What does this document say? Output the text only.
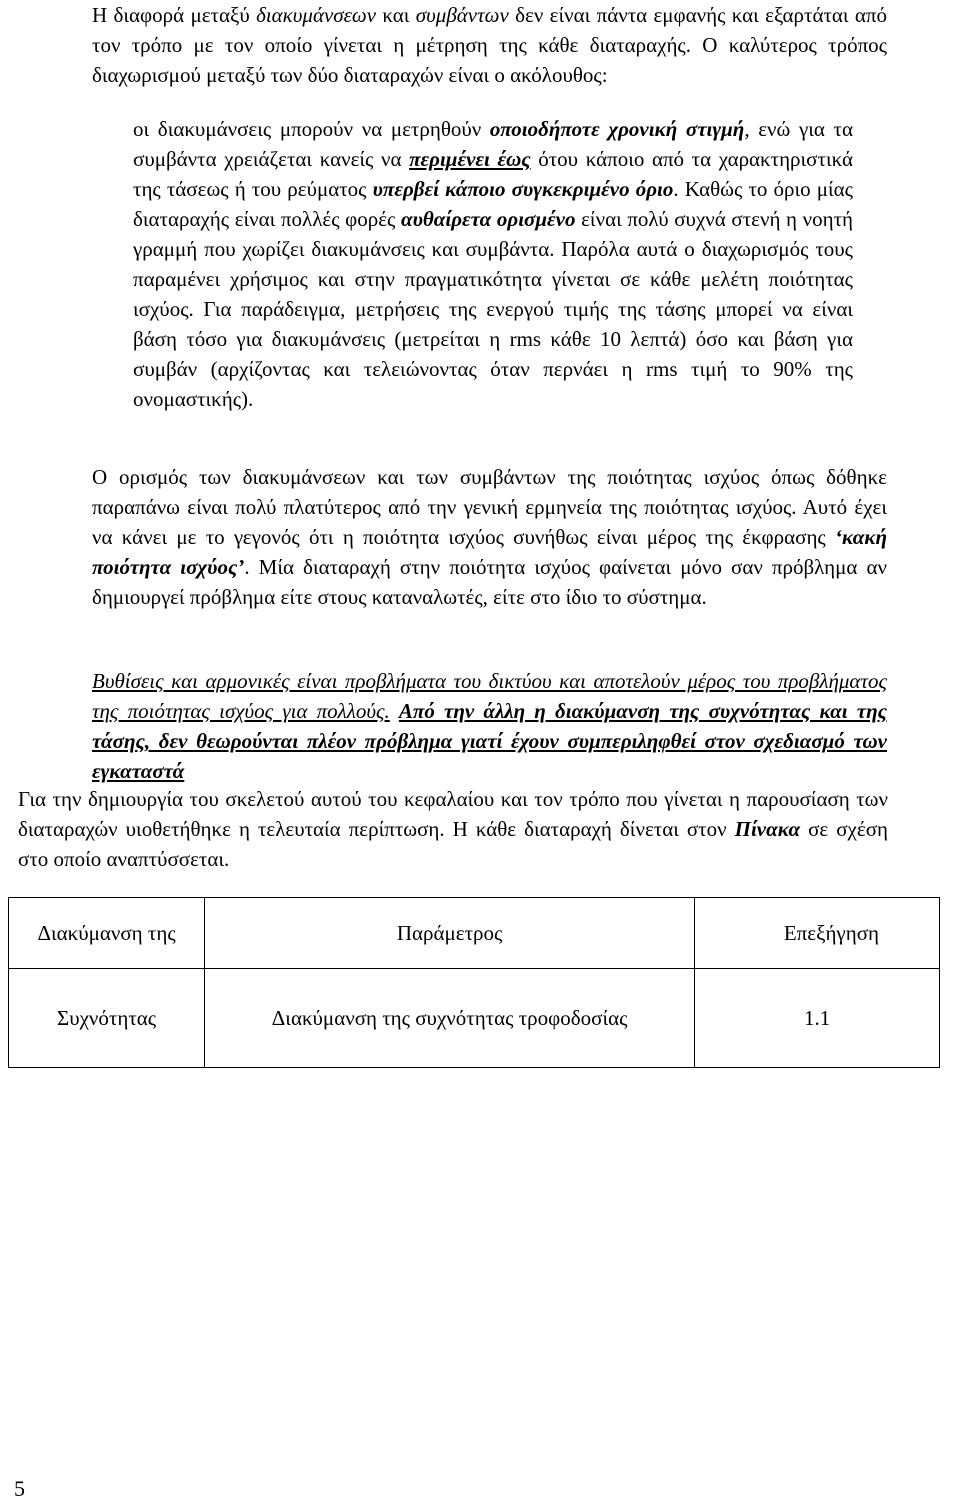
Η διαφορά μεταξύ διακυμάνσεων και συμβάντων δεν είναι πάντα εμφανής και εξαρτάται από τον τρόπο με τον οποίο γίνεται η μέτρηση της κάθε διαταραχής. Ο καλύτερος τρόπος διαχωρισμού μεταξύ των δύο διαταραχών είναι ο ακόλουθος:

οι διακυμάνσεις μπορούν να μετρηθούν οποιοδήποτε χρονική στιγμή, ενώ για τα συμβάντα χρειάζεται κανείς να περιμένει έως ότου κάποιο από τα χαρακτηριστικά της τάσεως ή του ρεύματος υπερβεί κάποιο συγκεκριμένο όριο. Καθώς το όριο μίας διαταραχής είναι πολλές φορές αυθαίρετα ορισμένο είναι πολύ συχνά στενή η νοητή γραμμή που χωρίζει διακυμάνσεις και συμβάντα. Παρόλα αυτά ο διαχωρισμός τους παραμένει χρήσιμος και στην πραγματικότητα γίνεται σε κάθε μελέτη ποιότητας ισχύος. Για παράδειγμα, μετρήσεις της ενεργού τιμής της τάσης μπορεί να είναι βάση τόσο για διακυμάνσεις (μετρείται η rms κάθε 10 λεπτά) όσο και βάση για συμβάν (αρχίζοντας και τελειώνοντας όταν περνάει η rms τιμή το 90% της ονομαστικής).

Ο ορισμός των διακυμάνσεων και των συμβάντων της ποιότητας ισχύος όπως δόθηκε παραπάνω είναι πολύ πλατύτερος από την γενική ερμηνεία της ποιότητας ισχύος. Αυτό έχει να κάνει με το γεγονός ότι η ποιότητα ισχύος συνήθως είναι μέρος της έκφρασης ‘κακή ποιότητα ισχύος’. Μία διαταραχή στην ποιότητα ισχύος φαίνεται μόνο σαν πρόβλημα αν δημιουργεί πρόβλημα είτε στους καταναλωτές, είτε στο ίδιο το σύστημα.

Βυθίσεις και αρμονικές είναι προβλήματα του δικτύου και αποτελούν μέρος του προβλήματος της ποιότητας ισχύος για πολλούς. Από την άλλη η διακύμανση της συχνότητας και της τάσης, δεν θεωρούνται πλέον πρόβλημα γιατί έχουν συμπεριληφθεί στον σχεδιασμό των εγκαταστά

Για την δημιουργία του σκελετού αυτού του κεφαλαίου και τον τρόπο που γίνεται η παρουσίαση των διαταραχών υιοθετήθηκε η τελευταία περίπτωση. Η κάθε διαταραχή δίνεται στον Πίνακα σε σχέση στο οποίο αναπτύσσεται.

Διακύμανση της	Παράμετρος	Επεξήγηση
Συχνότητας	Διακύμανση της συχνότητας τροφοδοσίας	1.1
5
